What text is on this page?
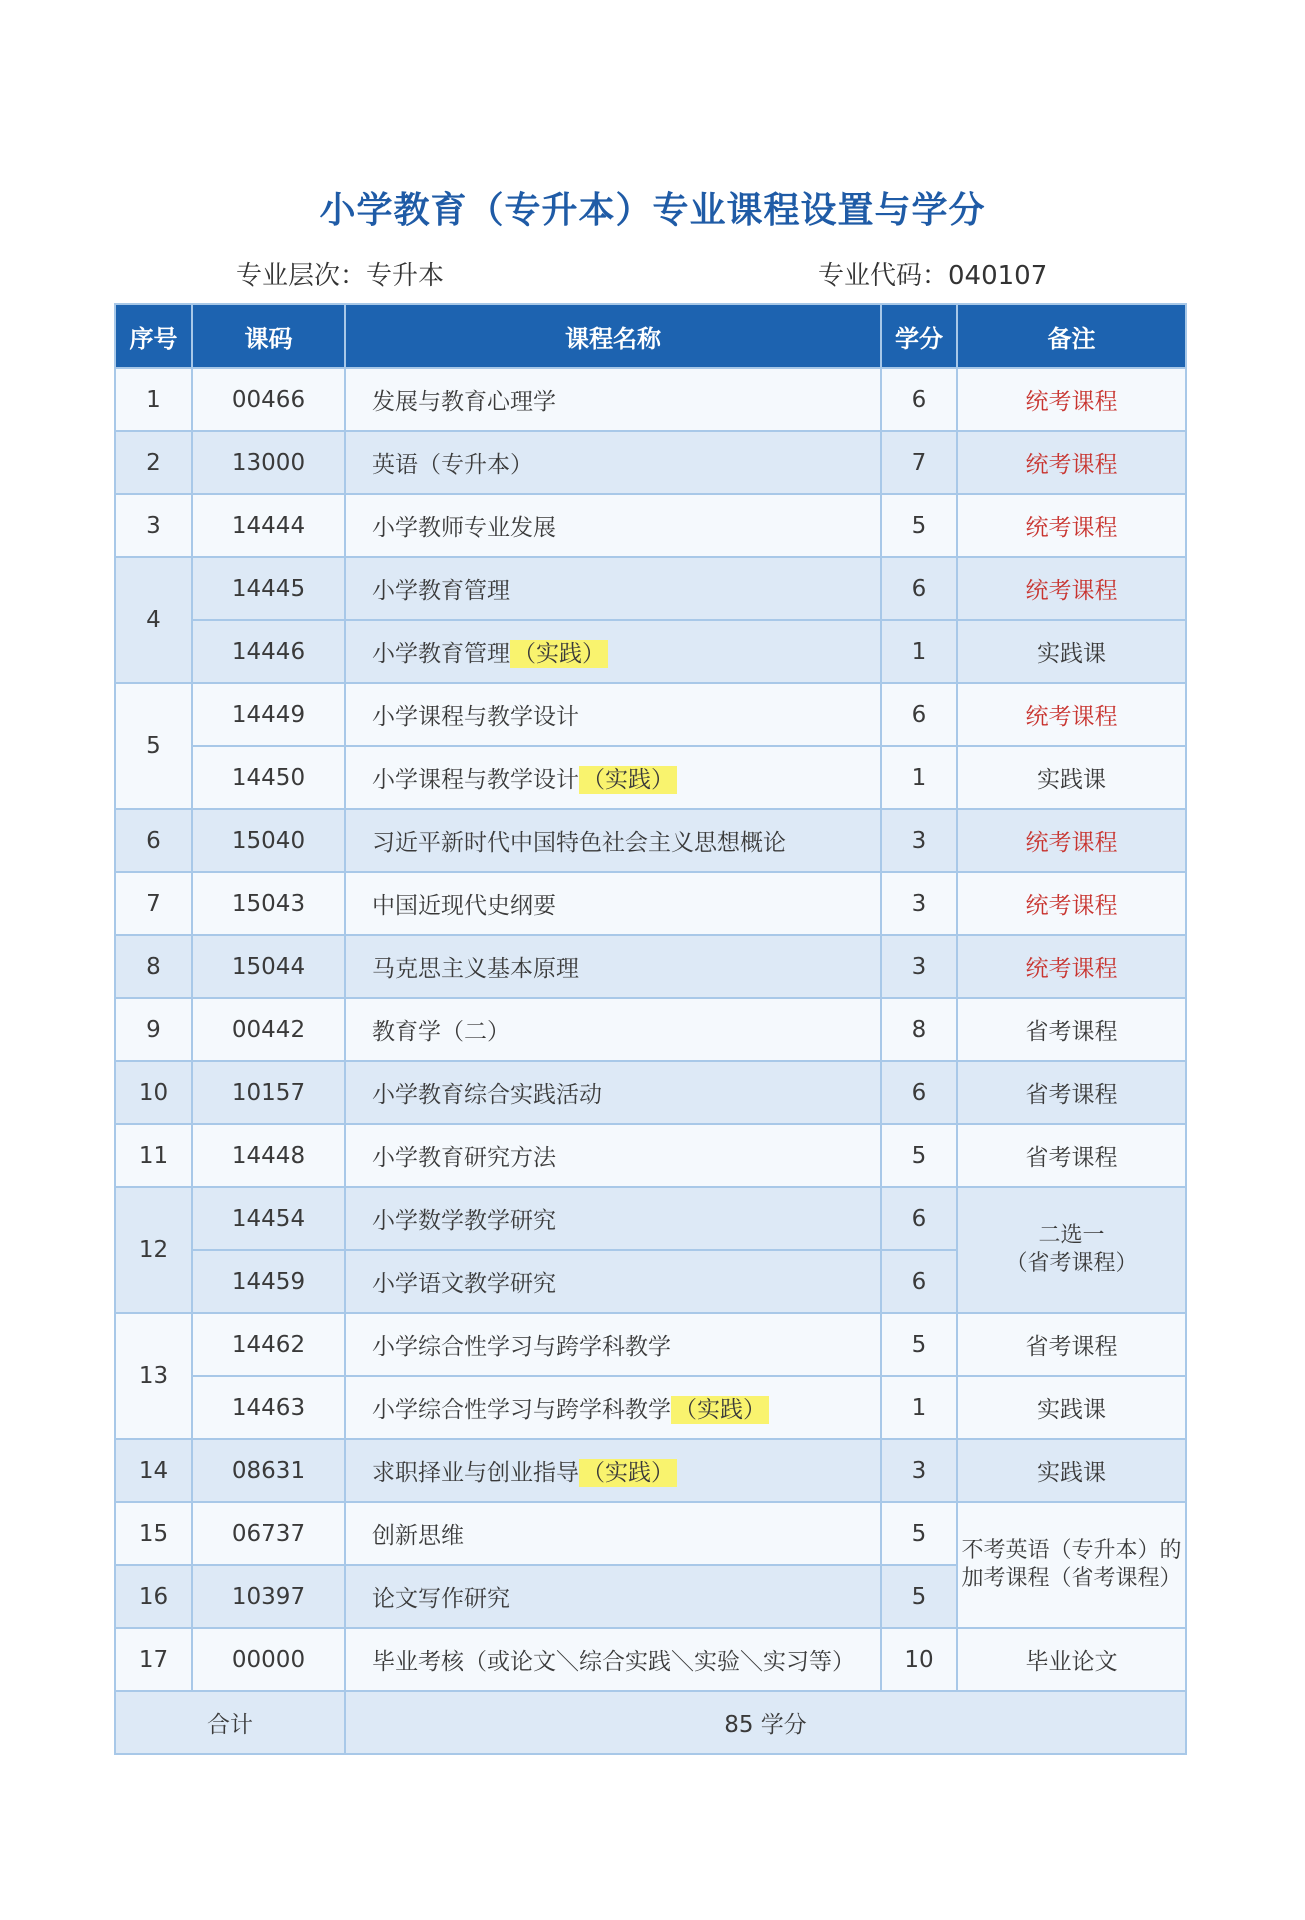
小学教育（专升本）专业课程设置与学分
专业层次：专升本	专业代码：040107
序号	课码	课程名称	学分	备注
1	00466	发展与教育心理学	6	统考课程
2	13000	英语（专升本）	7	统考课程
3	14444	小学教师专业发展	5	统考课程
4	14445	小学教育管理	6	统考课程
	14446	小学教育管理 （实践）	1	实践课
5	14449	小学课程与教学设计	6	统考课程
	14450	小学课程与教学设计 （实践）	1	实践课
6	15040	习近平新时代中国特色社会主义思想概论	3	统考课程
7	15043	中国近现代史纲要	3	统考课程
8	15044	马克思主义基本原理	3	统考课程
9	00442	教育学（二）	8	省考课程
10	10157	小学教育综合实践活动	6	省考课程
11	14448	小学教育研究方法	5	省考课程
12	14454	小学数学教学研究	6	二选一
（省考课程）

	14459	小学语文教学研究	6	
13	14462	小学综合性学习与跨学科教学	5	省考课程
	14463	小学综合性学习与跨学科教学 （实践）	1	实践课
14	08631	求职择业与创业指导 （实践）	3	实践课
15	06737	创新思维	5	不考英语（专升本）的
加考课程（省考课程）

16	10397	论文写作研究	5	
17	00000	毕业考核（或论文＼综合实践＼实验＼实习等）	10	毕业论文
合计		85 学分		
